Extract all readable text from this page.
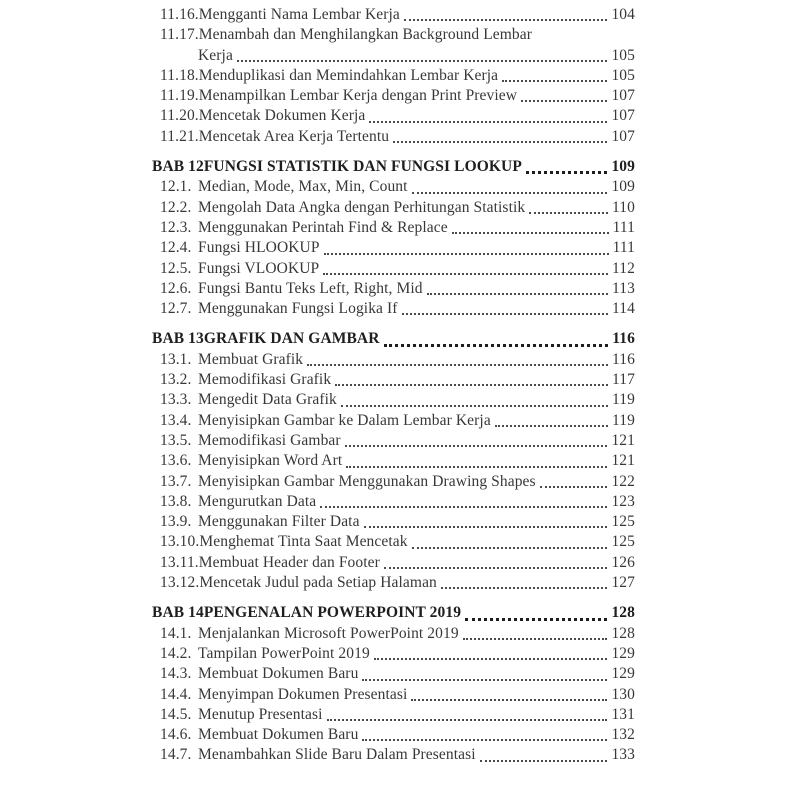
11.16. Mengganti Nama Lembar Kerja	104
11.17. Menambah dan Menghilangkan Background Lembar
Kerja	105
11.18. Menduplikasi dan Memindahkan Lembar Kerja	105
11.19. Menampilkan Lembar Kerja dengan Print Preview	107
11.20. Mencetak Dokumen Kerja	107
11.21. Mencetak Area Kerja Tertentu	107
BAB 12 FUNGSI STATISTIK DAN FUNGSI LOOKUP	109
12.1. Median, Mode, Max, Min, Count	109
12.2. Mengolah Data Angka dengan Perhitungan Statistik	110
12.3. Menggunakan Perintah Find & Replace	111
12.4. Fungsi HLOOKUP	111
12.5. Fungsi VLOOKUP	112
12.6. Fungsi Bantu Teks Left, Right, Mid	113
12.7. Menggunakan Fungsi Logika If	114
BAB 13 GRAFIK DAN GAMBAR	116
13.1. Membuat Grafik	116
13.2. Memodifikasi Grafik	117
13.3. Mengedit Data Grafik	119
13.4. Menyisipkan Gambar ke Dalam Lembar Kerja	119
13.5. Memodifikasi Gambar	121
13.6. Menyisipkan Word Art	121
13.7. Menyisipkan Gambar Menggunakan Drawing Shapes	122
13.8. Mengurutkan Data	123
13.9. Menggunakan Filter Data	125
13.10. Menghemat Tinta Saat Mencetak	125
13.11. Membuat Header dan Footer	126
13.12. Mencetak Judul pada Setiap Halaman	127
BAB 14 PENGENALAN POWERPOINT 2019	128
14.1. Menjalankan Microsoft PowerPoint 2019	128
14.2. Tampilan PowerPoint 2019	129
14.3. Membuat Dokumen Baru	129
14.4. Menyimpan Dokumen Presentasi	130
14.5. Menutup Presentasi	131
14.6. Membuat Dokumen Baru	132
14.7. Menambahkan Slide Baru Dalam Presentasi	133
